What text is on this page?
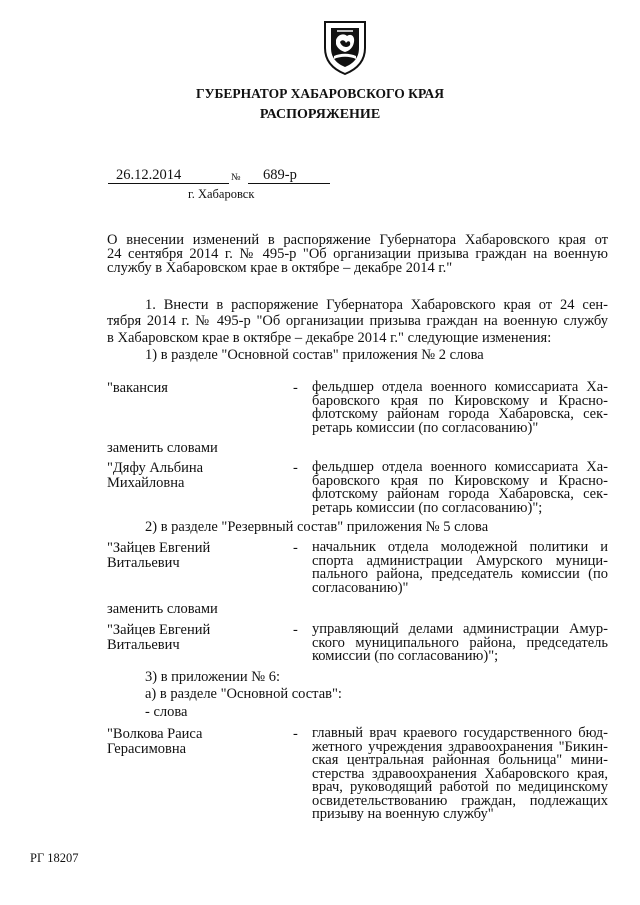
ГУБЕРНАТОР ХАБАРОВСКОГО КРАЯ
РАСПОРЯЖЕНИЕ
26.12.2014	№ 689-р
г. Хабаровск
О внесении изменений в распоряжение Губернатора Хабаровского края от
24 сентября 2014 г. № 495-р "Об организации призыва граждан на военную
службу в Хабаровском крае в октябре – декабре 2014 г."
1. Внести в распоряжение Губернатора Хабаровского края от 24 сен-
тября 2014 г. № 495-р "Об организации призыва граждан на военную службу
в Хабаровском крае в октябре – декабре 2014 г." следующие изменения:
1) в разделе "Основной состав" приложения № 2 слова
"вакансия	- фельдшер отдела военного комиссариата Ха-
баровского края по Кировскому и Красно-
флотскому районам города Хабаровска, сек-
ретарь комиссии (по согласованию)"
заменить словами
"Дяфу Альбина
Михайловна
- фельдшер отдела военного комиссариата Ха-
баровского края по Кировскому и Красно-
флотскому районам города Хабаровска, сек-
ретарь комиссии (по согласованию)";
2) в разделе "Резервный состав" приложения № 5 слова
"Зайцев Евгений
Витальевич
- начальник отдела молодежной политики и
спорта администрации Амурского муници-
пального района, председатель комиссии (по
согласованию)"
заменить словами
"Зайцев Евгений
Витальевич
- управляющий делами администрации Амур-
ского муниципального района, председатель
комиссии (по согласованию)";
3) в приложении № 6:
а) в разделе "Основной состав":
- слова
"Волкова Раиса
Герасимовна
- главный врач краевого государственного бюд-
жетного учреждения здравоохранения "Бикин-
ская центральная районная больница" мини-
стерства здравоохранения Хабаровского края,
врач, руководящий работой по медицинскому
освидетельствованию граждан, подлежащих
призыву на военную службу"
РГ 18207
